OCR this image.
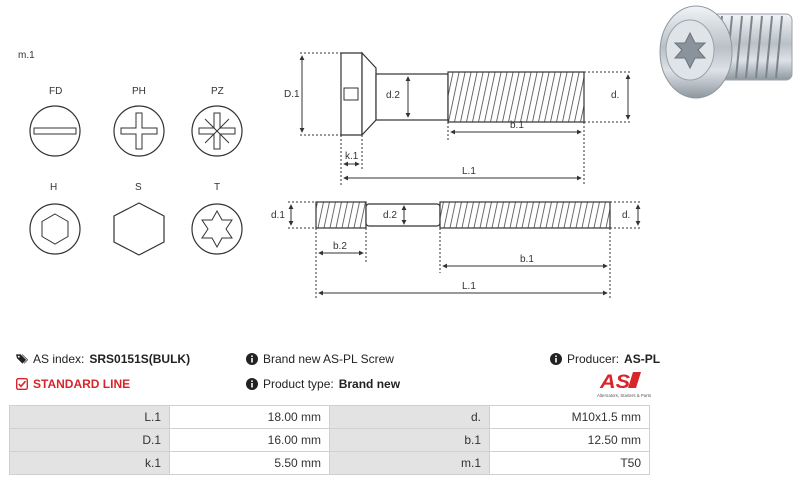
m.1
FD	PH	PZ
H	S	T
D.1	d.2	d.
b.1
k.1
L.1
d.1	d.2	d.
b.2
b.1
L.1
AS index: SRS0151S(BULK)	Brand new AS-PL Screw	Producer: AS-PL
STANDARD LINE	Product type: Brand new	AS
Alternators, Starters & Parts
L.1	18.00 mm	d.	M10x1.5 mm
D.1	16.00 mm	b.1	12.50 mm
k.1	5.50 mm	m.1	T50
